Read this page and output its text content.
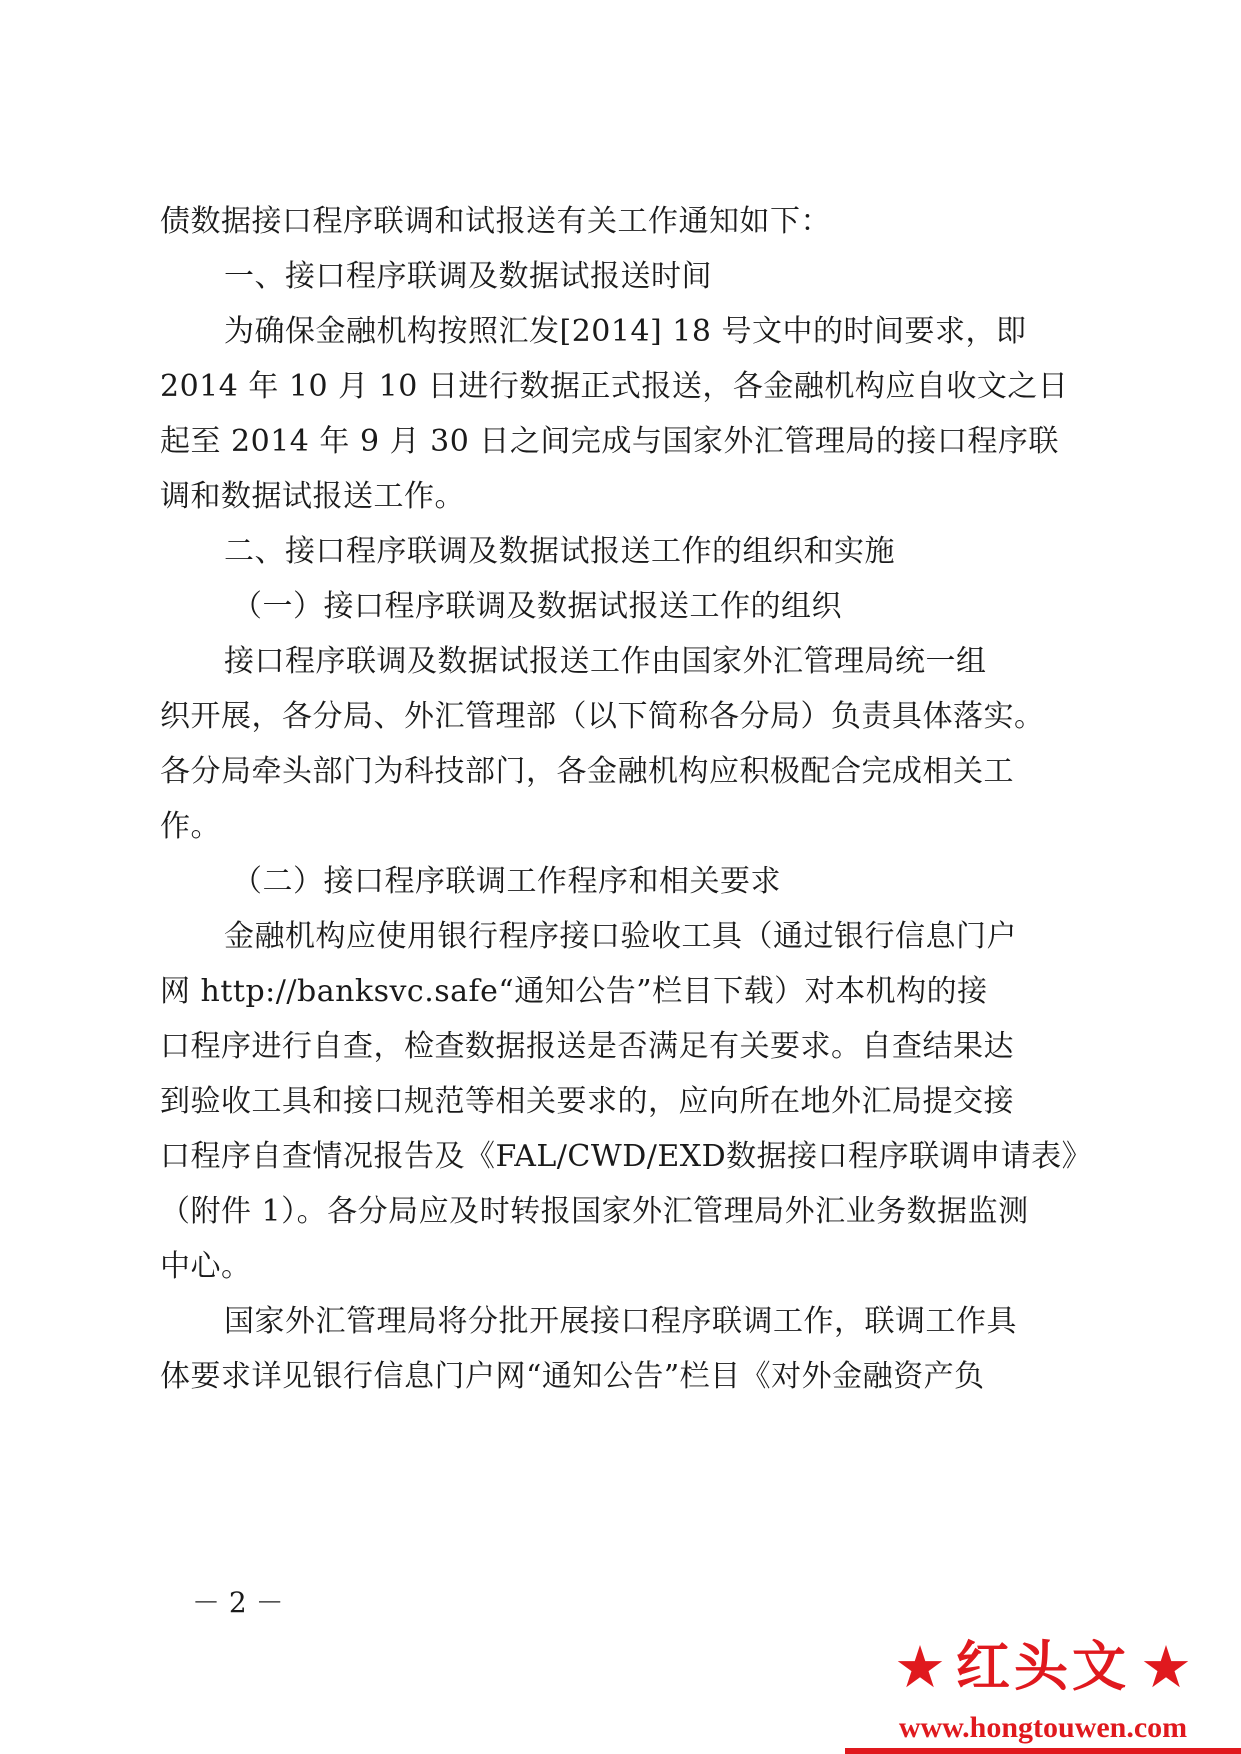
债数据接口程序联调和试报送有关工作通知如下：
一、接口程序联调及数据试报送时间
为确保金融机构按照汇发[2014] 18 号文中的时间要求，即
2014 年 10 月 10 日进行数据正式报送，各金融机构应自收文之日
起至 2014 年 9 月 30 日之间完成与国家外汇管理局的接口程序联
调和数据试报送工作。
二、接口程序联调及数据试报送工作的组织和实施
（一）接口程序联调及数据试报送工作的组织
接口程序联调及数据试报送工作由国家外汇管理局统一组
织开展，各分局、外汇管理部（以下简称各分局）负责具体落实。
各分局牵头部门为科技部门，各金融机构应积极配合完成相关工
作。
（二）接口程序联调工作程序和相关要求
金融机构应使用银行程序接口验收工具（通过银行信息门户
网 http://banksvc.safe“通知公告”栏目下载）对本机构的接
口程序进行自查，检查数据报送是否满足有关要求。自查结果达
到验收工具和接口规范等相关要求的，应向所在地外汇局提交接
口程序自查情况报告及《FAL/CWD/EXD数据接口程序联调申请表》
（附件 1）。各分局应及时转报国家外汇管理局外汇业务数据监测
中心。
国家外汇管理局将分批开展接口程序联调工作，联调工作具
体要求详见银行信息门户网“通知公告”栏目《对外金融资产负
－ 2 －
★ 红头文 ★
www.hongtouwen.com
